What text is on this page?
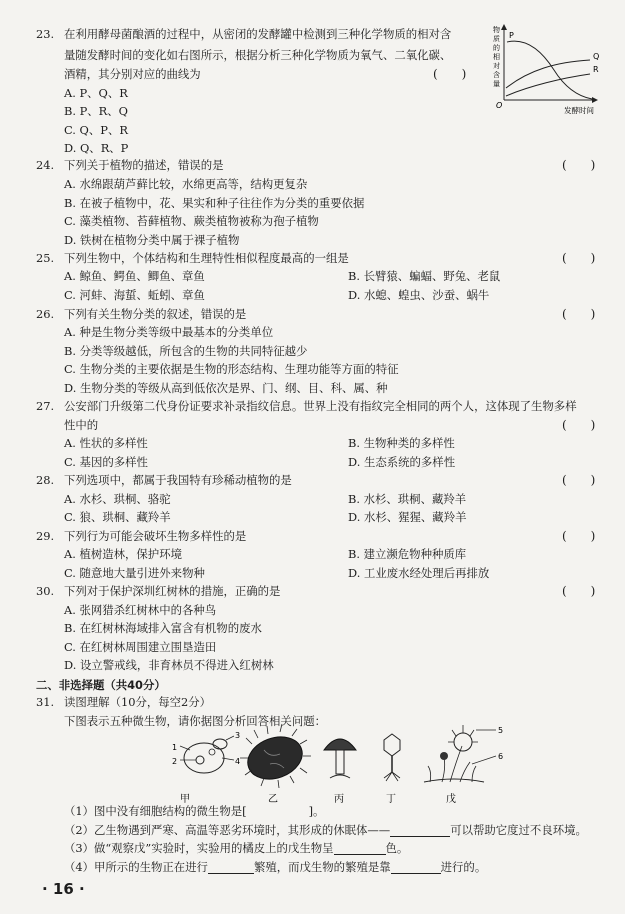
23. 在利用酵母菌酿酒的过程中，从密闭的发酵罐中检测到三种化学物质的相对含
量随发酵时间的变化如右图所示，根据分析三种化学物质为氧气、二氧化碳、
酒精，其分别对应的曲线为	(　　)
A. P、Q、R
B. P、R、Q
C. Q、P、R
D. Q、R、P
物质的相对含量
P
Q
R
O
发酵时间
24. 下列关于植物的描述，错误的是	(　　)
A. 水绵跟葫芦藓比较，水绵更高等，结构更复杂
B. 在被子植物中，花、果实和种子往往作为分类的重要依据
C. 藻类植物、苔藓植物、蕨类植物被称为孢子植物
D. 铁树在植物分类中属于裸子植物
25. 下列生物中，个体结构和生理特性相似程度最高的一组是	(　　)
A. 鲸鱼、鳄鱼、鲫鱼、章鱼	B. 长臂猿、蝙蝠、野兔、老鼠
C. 河蚌、海蜇、蚯蚓、章鱼	D. 水螅、蝗虫、沙蚕、蜗牛
26. 下列有关生物分类的叙述，错误的是	(　　)
A. 种是生物分类等级中最基本的分类单位
B. 分类等级越低，所包含的生物的共同特征越少
C. 生物分类的主要依据是生物的形态结构、生理功能等方面的特征
D. 生物分类的等级从高到低依次是界、门、纲、目、科、属、种
27. 公安部门升级第二代身份证要求补录指纹信息。世界上没有指纹完全相同的两个人，这体现了生物多样
性中的	(　　)
A. 性状的多样性	B. 生物种类的多样性
C. 基因的多样性	D. 生态系统的多样性
28. 下列选项中，都属于我国特有珍稀动植物的是	(　　)
A. 水杉、珙桐、骆驼	B. 水杉、珙桐、藏羚羊
C. 狼、珙桐、藏羚羊	D. 水杉、猩猩、藏羚羊
29. 下列行为可能会破坏生物多样性的是	(　　)
A. 植树造林，保护环境	B. 建立濒危物种种质库
C. 随意地大量引进外来物种	D. 工业废水经处理后再排放
30. 下列对于保护深圳红树林的措施，正确的是	(　　)
A. 张网猎杀红树林中的各种鸟
B. 在红树林海域排入富含有机物的废水
C. 在红树林周围建立围垦造田
D. 设立警戒线，非育林员不得进入红树林
二、非选择题（共40分）
31. 读图理解（10分，每空2分）
下图表示五种微生物，请你据图分析回答相关问题：
1
2
3
4
5
6
甲	乙	丙	丁	戊
（1）图中没有细胞结构的微生物是[	]。
（2）乙生物遇到严寒、高温等恶劣环境时，其形成的休眠体——	可以帮助它度过不良环境。
（3）做“观察戊”实验时，实验用的橘皮上的戊生物呈	色。
（4）甲所示的生物正在进行	繁殖，而戊生物的繁殖是靠	进行的。
· 16 ·
